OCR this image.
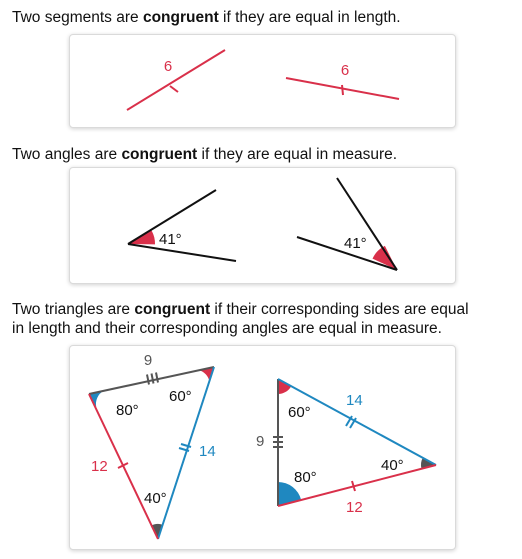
Two segments are congruent if they are equal in length.
6	6
Two angles are congruent if they are equal in measure.
41°	41°
Two triangles are congruent if their corresponding sides are equal
in length and their corresponding angles are equal in measure.
9
14
12
80°
60°
40°
9
14
12
60°
80°
40°
